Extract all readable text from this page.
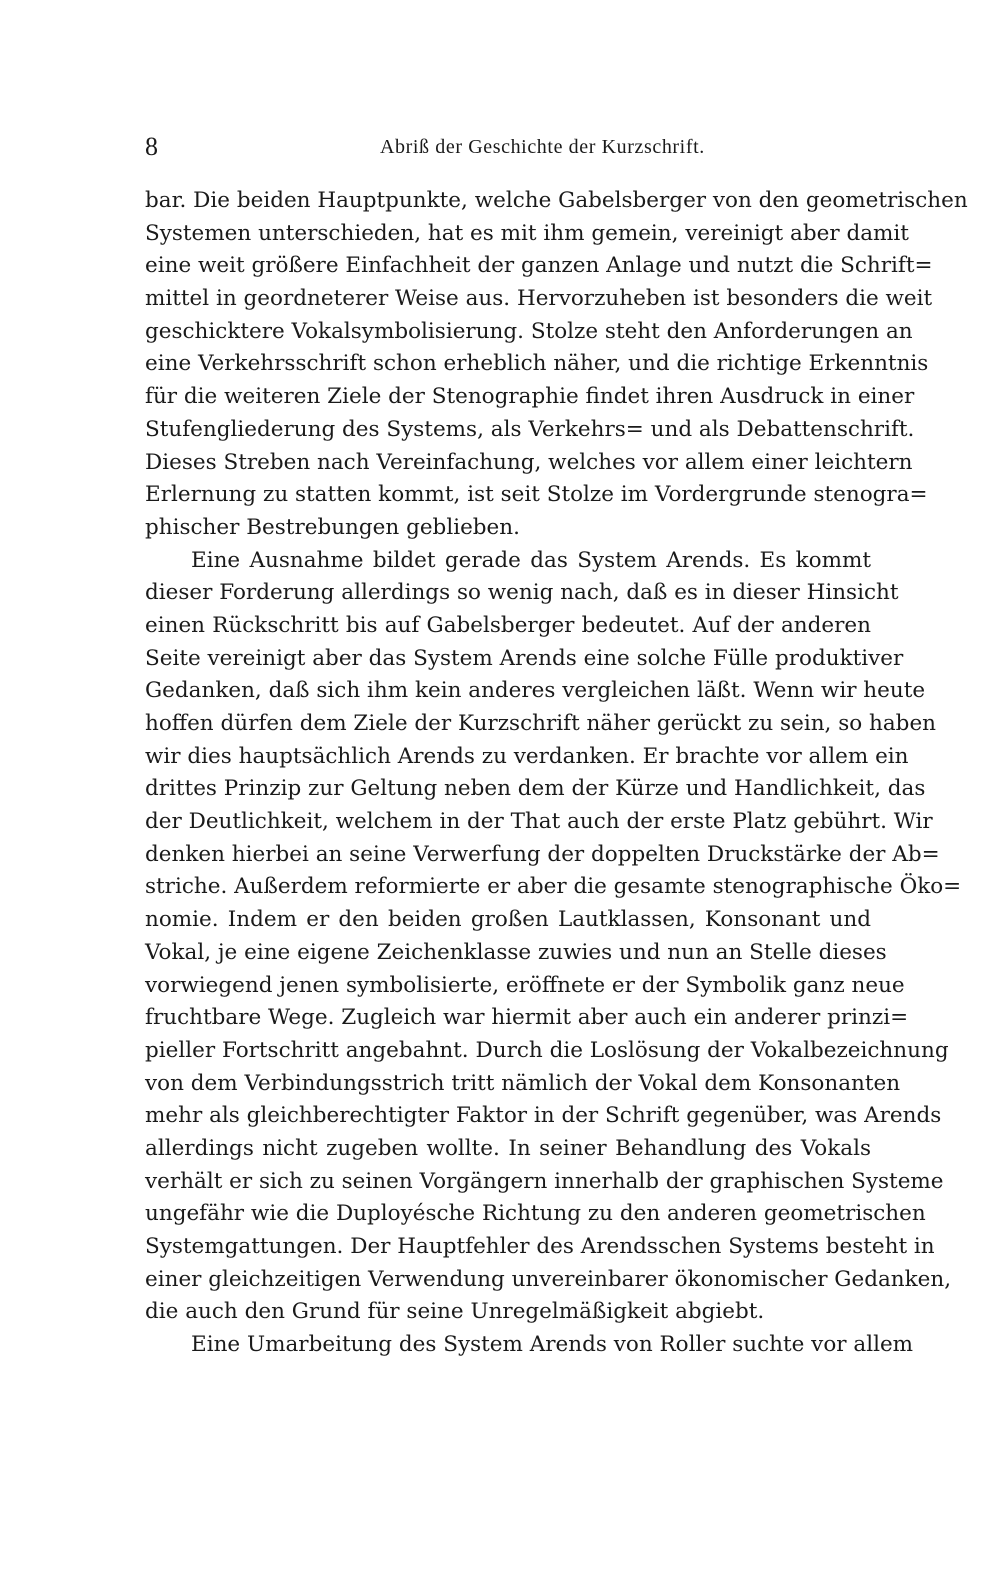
8	Abriß der Geschichte der Kurzschrift.
bar. Die beiden Hauptpunkte, welche Gabelsberger von den geometrischen
Systemen unterschieden, hat es mit ihm gemein, vereinigt aber damit
eine weit größere Einfachheit der ganzen Anlage und nutzt die Schrift=
mittel in geordneterer Weise aus. Hervorzuheben ist besonders die weit
geschicktere Vokalsymbolisierung. Stolze steht den Anforderungen an
eine Verkehrsschrift schon erheblich näher, und die richtige Erkenntnis
für die weiteren Ziele der Stenographie findet ihren Ausdruck in einer
Stufengliederung des Systems, als Verkehrs= und als Debattenschrift.
Dieses Streben nach Vereinfachung, welches vor allem einer leichtern
Erlernung zu statten kommt, ist seit Stolze im Vordergrunde stenogra=
phischer Bestrebungen geblieben.
Eine Ausnahme bildet gerade das System Arends. Es kommt
dieser Forderung allerdings so wenig nach, daß es in dieser Hinsicht
einen Rückschritt bis auf Gabelsberger bedeutet. Auf der anderen
Seite vereinigt aber das System Arends eine solche Fülle produktiver
Gedanken, daß sich ihm kein anderes vergleichen läßt. Wenn wir heute
hoffen dürfen dem Ziele der Kurzschrift näher gerückt zu sein, so haben
wir dies hauptsächlich Arends zu verdanken. Er brachte vor allem ein
drittes Prinzip zur Geltung neben dem der Kürze und Handlichkeit, das
der Deutlichkeit, welchem in der That auch der erste Platz gebührt. Wir
denken hierbei an seine Verwerfung der doppelten Druckstärke der Ab=
striche. Außerdem reformierte er aber die gesamte stenographische Öko=
nomie. Indem er den beiden großen Lautklassen, Konsonant und
Vokal, je eine eigene Zeichenklasse zuwies und nun an Stelle dieses
vorwiegend jenen symbolisierte, eröffnete er der Symbolik ganz neue
fruchtbare Wege. Zugleich war hiermit aber auch ein anderer prinzi=
pieller Fortschritt angebahnt. Durch die Loslösung der Vokalbezeichnung
von dem Verbindungsstrich tritt nämlich der Vokal dem Konsonanten
mehr als gleichberechtigter Faktor in der Schrift gegenüber, was Arends
allerdings nicht zugeben wollte. In seiner Behandlung des Vokals
verhält er sich zu seinen Vorgängern innerhalb der graphischen Systeme
ungefähr wie die Duployésche Richtung zu den anderen geometrischen
Systemgattungen. Der Hauptfehler des Arendsschen Systems besteht in
einer gleichzeitigen Verwendung unvereinbarer ökonomischer Gedanken,
die auch den Grund für seine Unregelmäßigkeit abgiebt.
Eine Umarbeitung des System Arends von Roller suchte vor allem
